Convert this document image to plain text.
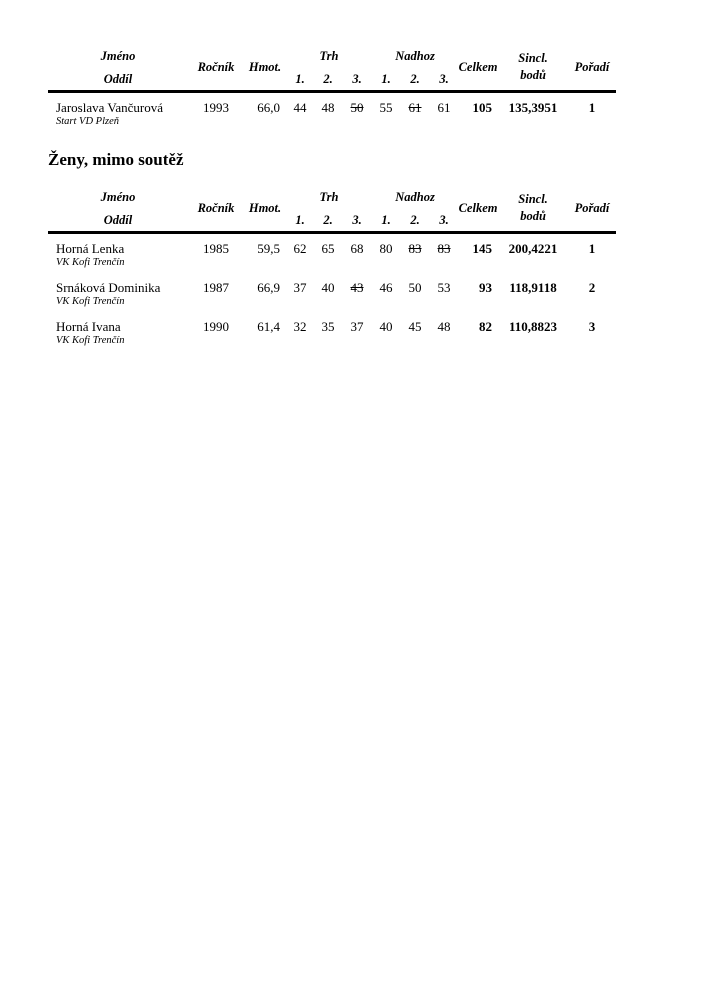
Jméno	Ročník	Hmot.	Trh			Nadhoz			Celkem	Sincl.
bodů	Pořadí
Oddíl			1.	2.	3.	1.	2.	3.			
Jaroslava Vančurová	1993	66,0	44	48	50	55	61	61	105	135,3951	1
Start VD Plzeň											
Ženy, mimo soutěž
Jméno	Ročník	Hmot.	Trh			Nadhoz			Celkem	Sincl.
bodů	Pořadí
Oddíl			1.	2.	3.	1.	2.	3.			
Horná Lenka	1985	59,5	62	65	68	80	83	83	145	200,4221	1
VK Kofi Trenčín											
Srnáková Dominika	1987	66,9	37	40	43	46	50	53	93	118,9118	2
VK Kofi Trenčín											
Horná Ivana	1990	61,4	32	35	37	40	45	48	82	110,8823	3
VK Kofi Trenčín											
